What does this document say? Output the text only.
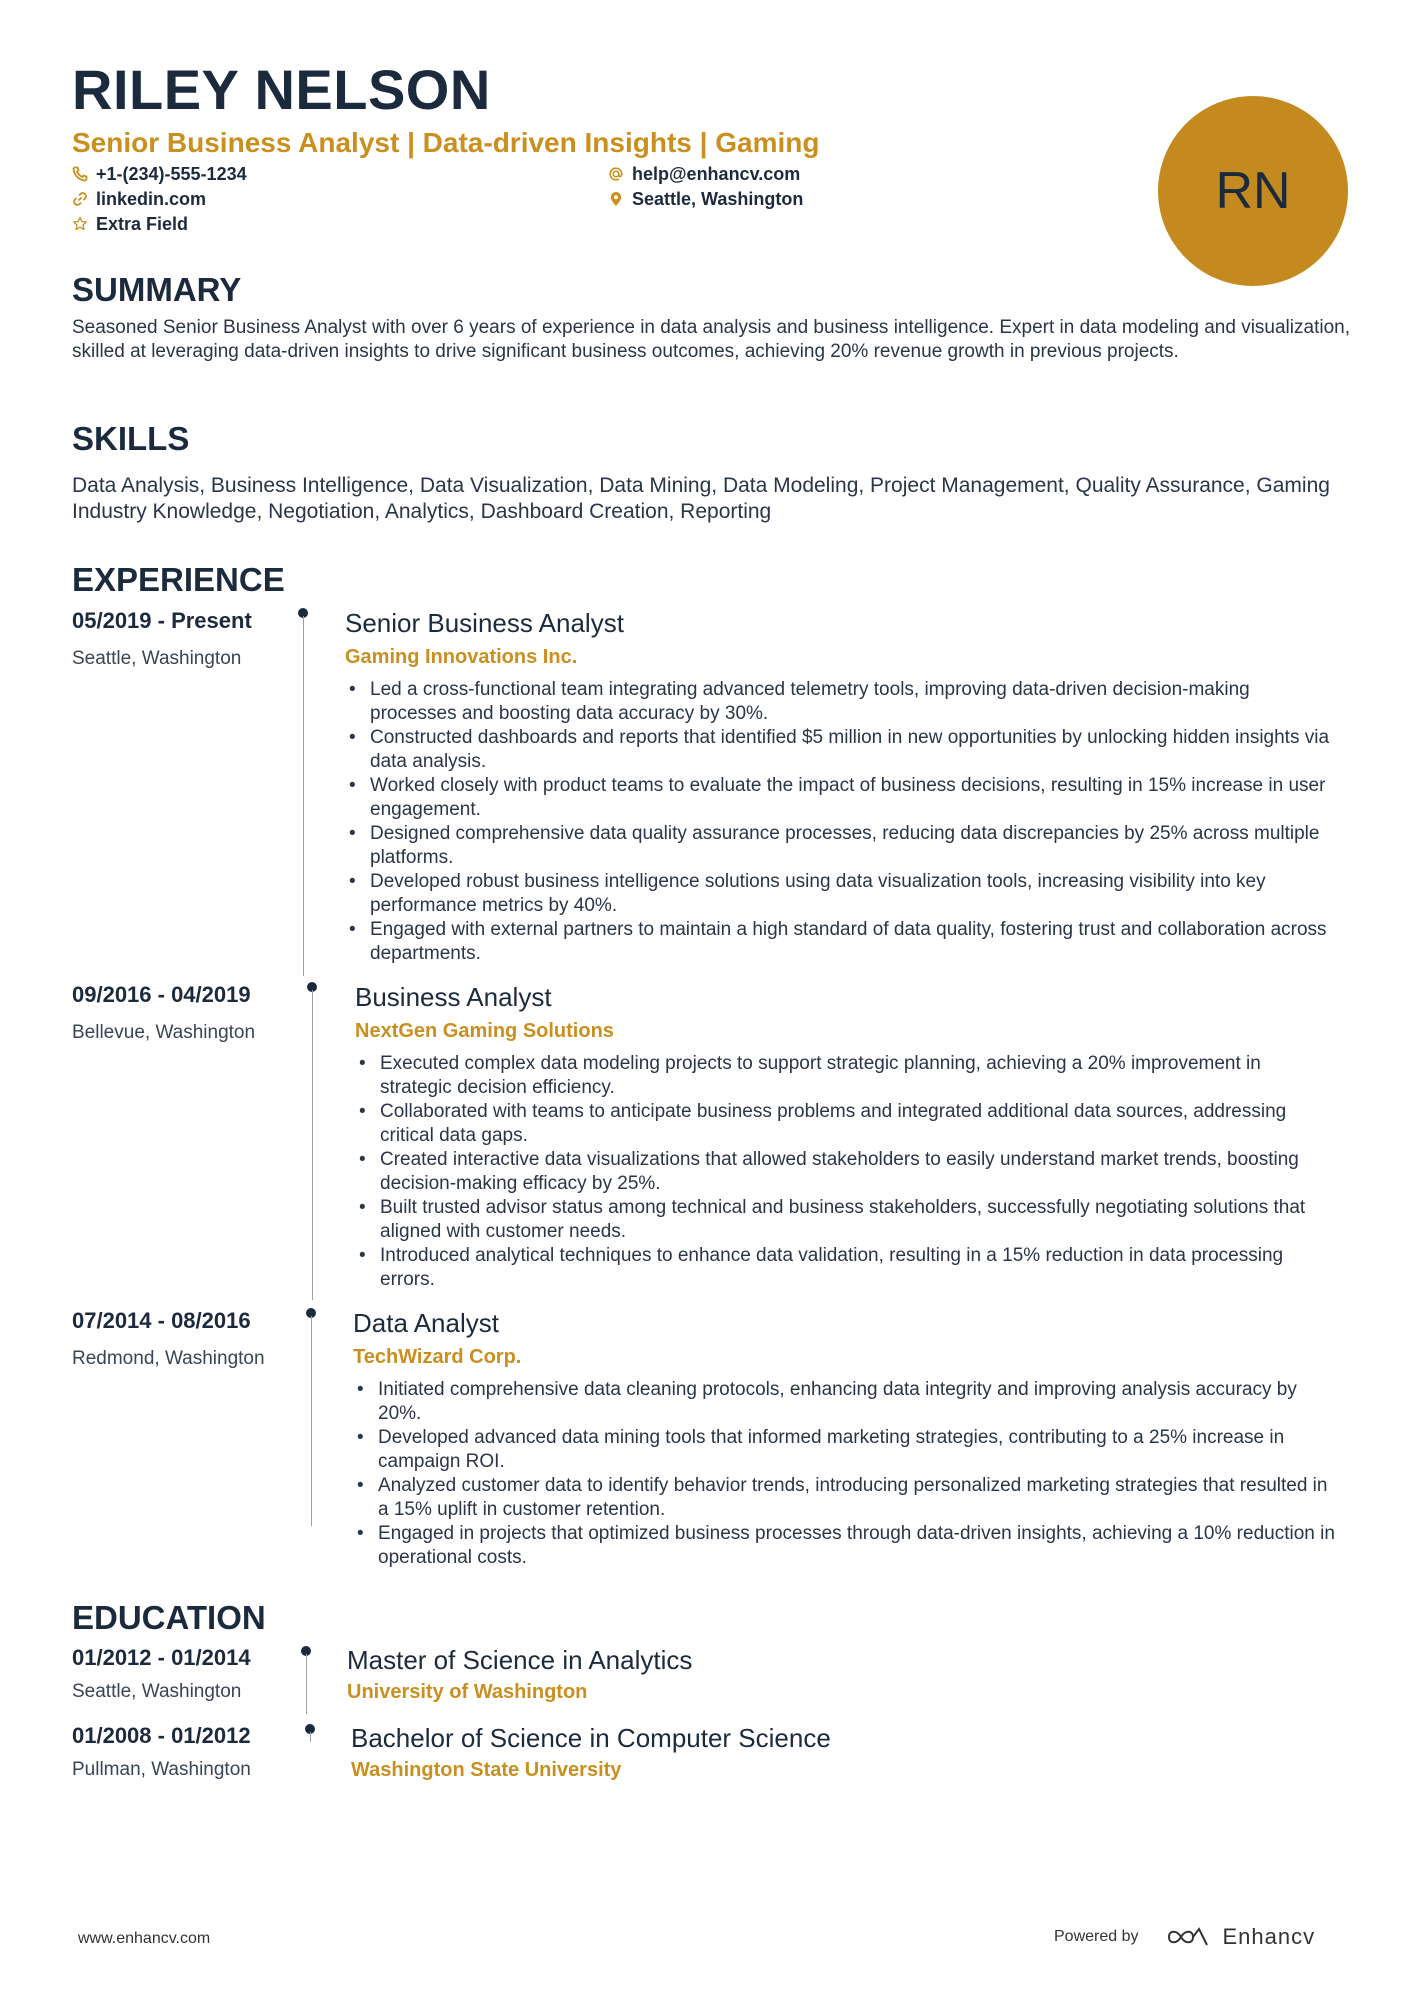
RILEY NELSON
Senior Business Analyst | Data-driven Insights | Gaming
+1-(234)-555-1234	help@enhancv.com
linkedin.com	Seattle, Washington
Extra Field
RN
SUMMARY
Seasoned Senior Business Analyst with over 6 years of experience in data analysis and business intelligence. Expert in data modeling and visualization, skilled at leveraging data-driven insights to drive significant business outcomes, achieving 20% revenue growth in previous projects.
SKILLS
Data Analysis, Business Intelligence, Data Visualization, Data Mining, Data Modeling, Project Management, Quality Assurance, Gaming Industry Knowledge, Negotiation, Analytics, Dashboard Creation, Reporting
EXPERIENCE
05/2019 - Present
Seattle, Washington
Senior Business Analyst
Gaming Innovations Inc.
• Led a cross-functional team integrating advanced telemetry tools, improving data-driven decision-making processes and boosting data accuracy by 30%.
• Constructed dashboards and reports that identified $5 million in new opportunities by unlocking hidden insights via data analysis.
• Worked closely with product teams to evaluate the impact of business decisions, resulting in 15% increase in user engagement.
• Designed comprehensive data quality assurance processes, reducing data discrepancies by 25% across multiple platforms.
• Developed robust business intelligence solutions using data visualization tools, increasing visibility into key performance metrics by 40%.
• Engaged with external partners to maintain a high standard of data quality, fostering trust and collaboration across departments.
09/2016 - 04/2019
Bellevue, Washington
Business Analyst
NextGen Gaming Solutions
• Executed complex data modeling projects to support strategic planning, achieving a 20% improvement in strategic decision efficiency.
• Collaborated with teams to anticipate business problems and integrated additional data sources, addressing critical data gaps.
• Created interactive data visualizations that allowed stakeholders to easily understand market trends, boosting decision-making efficacy by 25%.
• Built trusted advisor status among technical and business stakeholders, successfully negotiating solutions that aligned with customer needs.
• Introduced analytical techniques to enhance data validation, resulting in a 15% reduction in data processing errors.
07/2014 - 08/2016
Redmond, Washington
Data Analyst
TechWizard Corp.
• Initiated comprehensive data cleaning protocols, enhancing data integrity and improving analysis accuracy by 20%.
• Developed advanced data mining tools that informed marketing strategies, contributing to a 25% increase in campaign ROI.
• Analyzed customer data to identify behavior trends, introducing personalized marketing strategies that resulted in a 15% uplift in customer retention.
• Engaged in projects that optimized business processes through data-driven insights, achieving a 10% reduction in operational costs.
EDUCATION
01/2012 - 01/2014
Seattle, Washington
Master of Science in Analytics
University of Washington
01/2008 - 01/2012
Pullman, Washington
Bachelor of Science in Computer Science
Washington State University
www.enhancv.com	Powered by	Enhancv
